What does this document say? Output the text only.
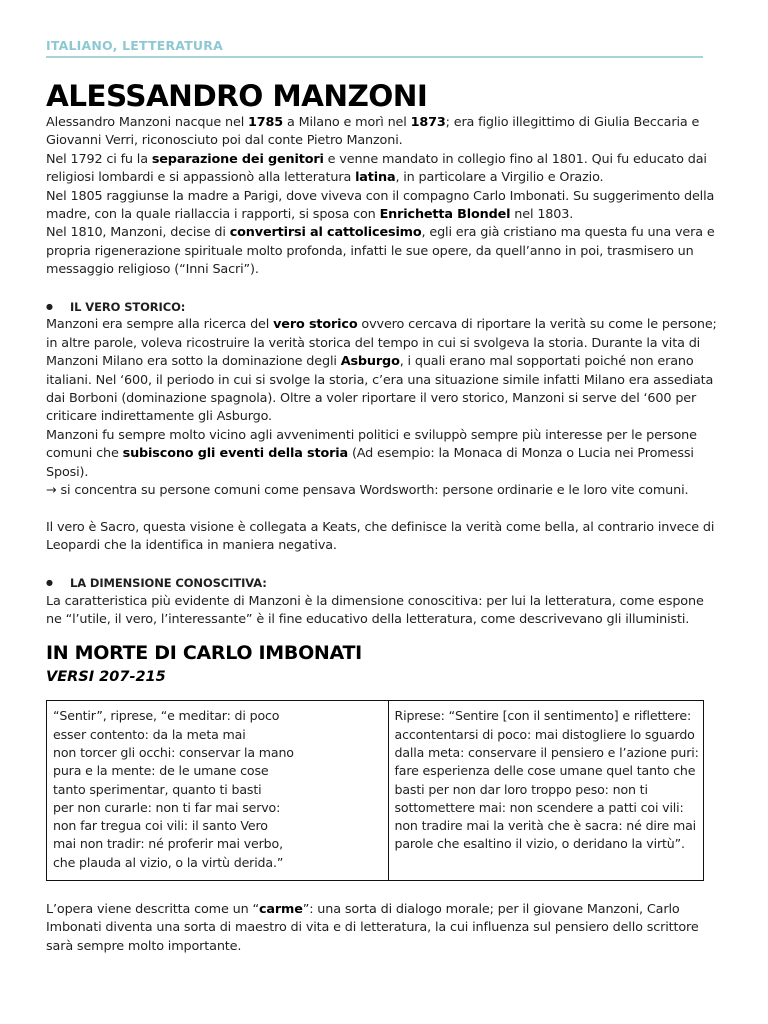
ITALIANO, LETTERATURA
ALESSANDRO MANZONI

Alessandro Manzoni nacque nel 1785 a Milano e morì nel 1873; era figlio illegittimo di Giulia Beccaria e Giovanni Verri, riconosciuto poi dal conte Pietro Manzoni.

Nel 1792 ci fu la separazione dei genitori e venne mandato in collegio fino al 1801. Qui fu educato dai religiosi lombardi e si appassionò alla letteratura latina, in particolare a Virgilio e Orazio.

Nel 1805 raggiunse la madre a Parigi, dove viveva con il compagno Carlo Imbonati. Su suggerimento della madre, con la quale riallaccia i rapporti, si sposa con Enrichetta Blondel nel 1803.

Nel 1810, Manzoni, decise di convertirsi al cattolicesimo, egli era già cristiano ma questa fu una vera e propria rigenerazione spirituale molto profonda, infatti le sue opere, da quell’anno in poi, trasmisero un messaggio religioso (“Inni Sacri”).

● IL VERO STORICO:

Manzoni era sempre alla ricerca del vero storico ovvero cercava di riportare la verità su come le persone; in altre parole, voleva ricostruire la verità storica del tempo in cui si svolgeva la storia. Durante la vita di Manzoni Milano era sotto la dominazione degli Asburgo, i quali erano mal sopportati poiché non erano italiani. Nel ‘600, il periodo in cui si svolge la storia, c’era una situazione simile infatti Milano era assediata dai Borboni (dominazione spagnola). Oltre a voler riportare il vero storico, Manzoni si serve del ‘600 per criticare indirettamente gli Asburgo.

Manzoni fu sempre molto vicino agli avvenimenti politici e sviluppò sempre più interesse per le persone comuni che subiscono gli eventi della storia (Ad esempio: la Monaca di Monza o Lucia nei Promessi Sposi).

→ si concentra su persone comuni come pensava Wordsworth: persone ordinarie e le loro vite comuni.

Il vero è Sacro, questa visione è collegata a Keats, che definisce la verità come bella, al contrario invece di Leopardi che la identifica in maniera negativa.

● LA DIMENSIONE CONOSCITIVA:

La caratteristica più evidente di Manzoni è la dimensione conoscitiva: per lui la letteratura, come espone ne “l’utile, il vero, l’interessante” è il fine educativo della letteratura, come descrivevano gli illuministi.

IN MORTE DI CARLO IMBONATI
VERSI 207-215
“Sentir”, riprese, “e meditar: di poco
esser contento: da la meta mai
non torcer gli occhi: conservar la mano
pura e la mente: de le umane cose
tanto sperimentar, quanto ti basti
per non curarle: non ti far mai servo:
non far tregua coi vili: il santo Vero
mai non tradir: né proferir mai verbo,
che plauda al vizio, o la virtù derida.”

Riprese: “Sentire [con il sentimento] e riflettere:
accontentarsi di poco: mai distogliere lo sguardo
dalla meta: conservare il pensiero e l’azione puri:
fare esperienza delle cose umane quel tanto che
basti per non dar loro troppo peso: non ti
sottomettere mai: non scendere a patti coi vili:
non tradire mai la verità che è sacra: né dire mai
parole che esaltino il vizio, o deridano la virtù”.

L’opera viene descritta come un “carme”: una sorta di dialogo morale; per il giovane Manzoni, Carlo Imbonati diventa una sorta di maestro di vita e di letteratura, la cui influenza sul pensiero dello scrittore sarà sempre molto importante.
